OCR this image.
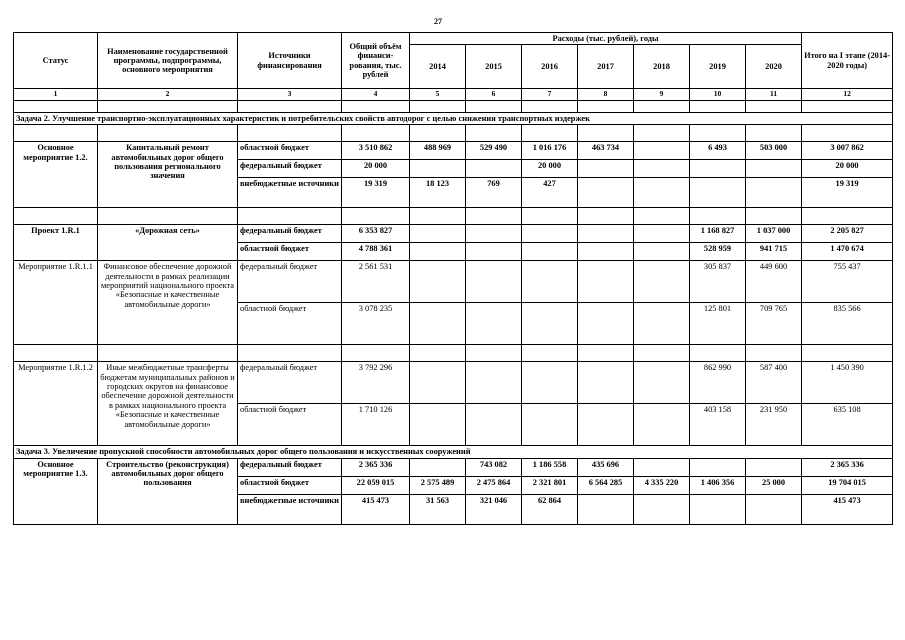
27
Статус	Наименование государственной программы, подпрограммы, основного мероприятия	Источники финансирования	Общий объём финанси- рования, тыс. рублей	Расходы (тыс. рублей), годы							Итого на I этапе (2014-2020 годы)
				2014	2015	2016	2017	2018	2019	2020	
1	2	3	4	5	6	7	8	9	10	11	12

Задача 2. Улучшение транспортно-эксплуатационных характеристик и потребительских свойств автодорог с целью снижения транспортных издержек											

Основное мероприятие 1.2.	Капитальный ремонт автомобильных дорог общего пользования регионального значения	областной бюджет	3 510 862	488 969	529 490	1 016 176	463 734		6 493	503 000	3 007 862
		федеральный бюджет	20 000			20 000					20 000
		внебюджетные источники	19 319	18 123	769	427					19 319

Проект 1.R.1	«Дорожная сеть»	федеральный бюджет	6 353 827						1 168 827	1 037 000	2 205 827
		областной бюджет	4 788 361						528 959	941 715	1 470 674
Мероприятие 1.R.1.1	Финансовое обеспечение дорожной деятельности в рамках реализации мероприятий национального проекта «Безопасные и качественные автомобильные дороги»	федеральный бюджет	2 561 531						305 837	449 600	755 437
		областной бюджет	3 078 235						125 801	709 765	835 566

Мероприятие 1.R.1.2	Иные межбюджетные трансферты бюджетам муниципальных районов и городских округов на финансовое обеспечение дорожной деятельности в рамках национального проекта «Безопасные и качественные автомобильные дороги»	федеральный бюджет	3 792 296						862 990	587 400	1 450 390
		областной бюджет	1 710 126						403 158	231 950	635 108
Задача 3. Увеличение пропускной способности автомобильных дорог общего пользования и искусственных сооружений											
Основное мероприятие 1.3.	Строительство (реконструкция) автомобильных дорог общего пользования	федеральный бюджет	2 365 336		743 082	1 186 558	435 696				2 365 336
		областной бюджет	22 059 015	2 575 489	2 475 864	2 321 801	6 564 285	4 335 220	1 406 356	25 000	19 704 015
		внебюджетные источники	415 473	31 563	321 046	62 864					415 473
